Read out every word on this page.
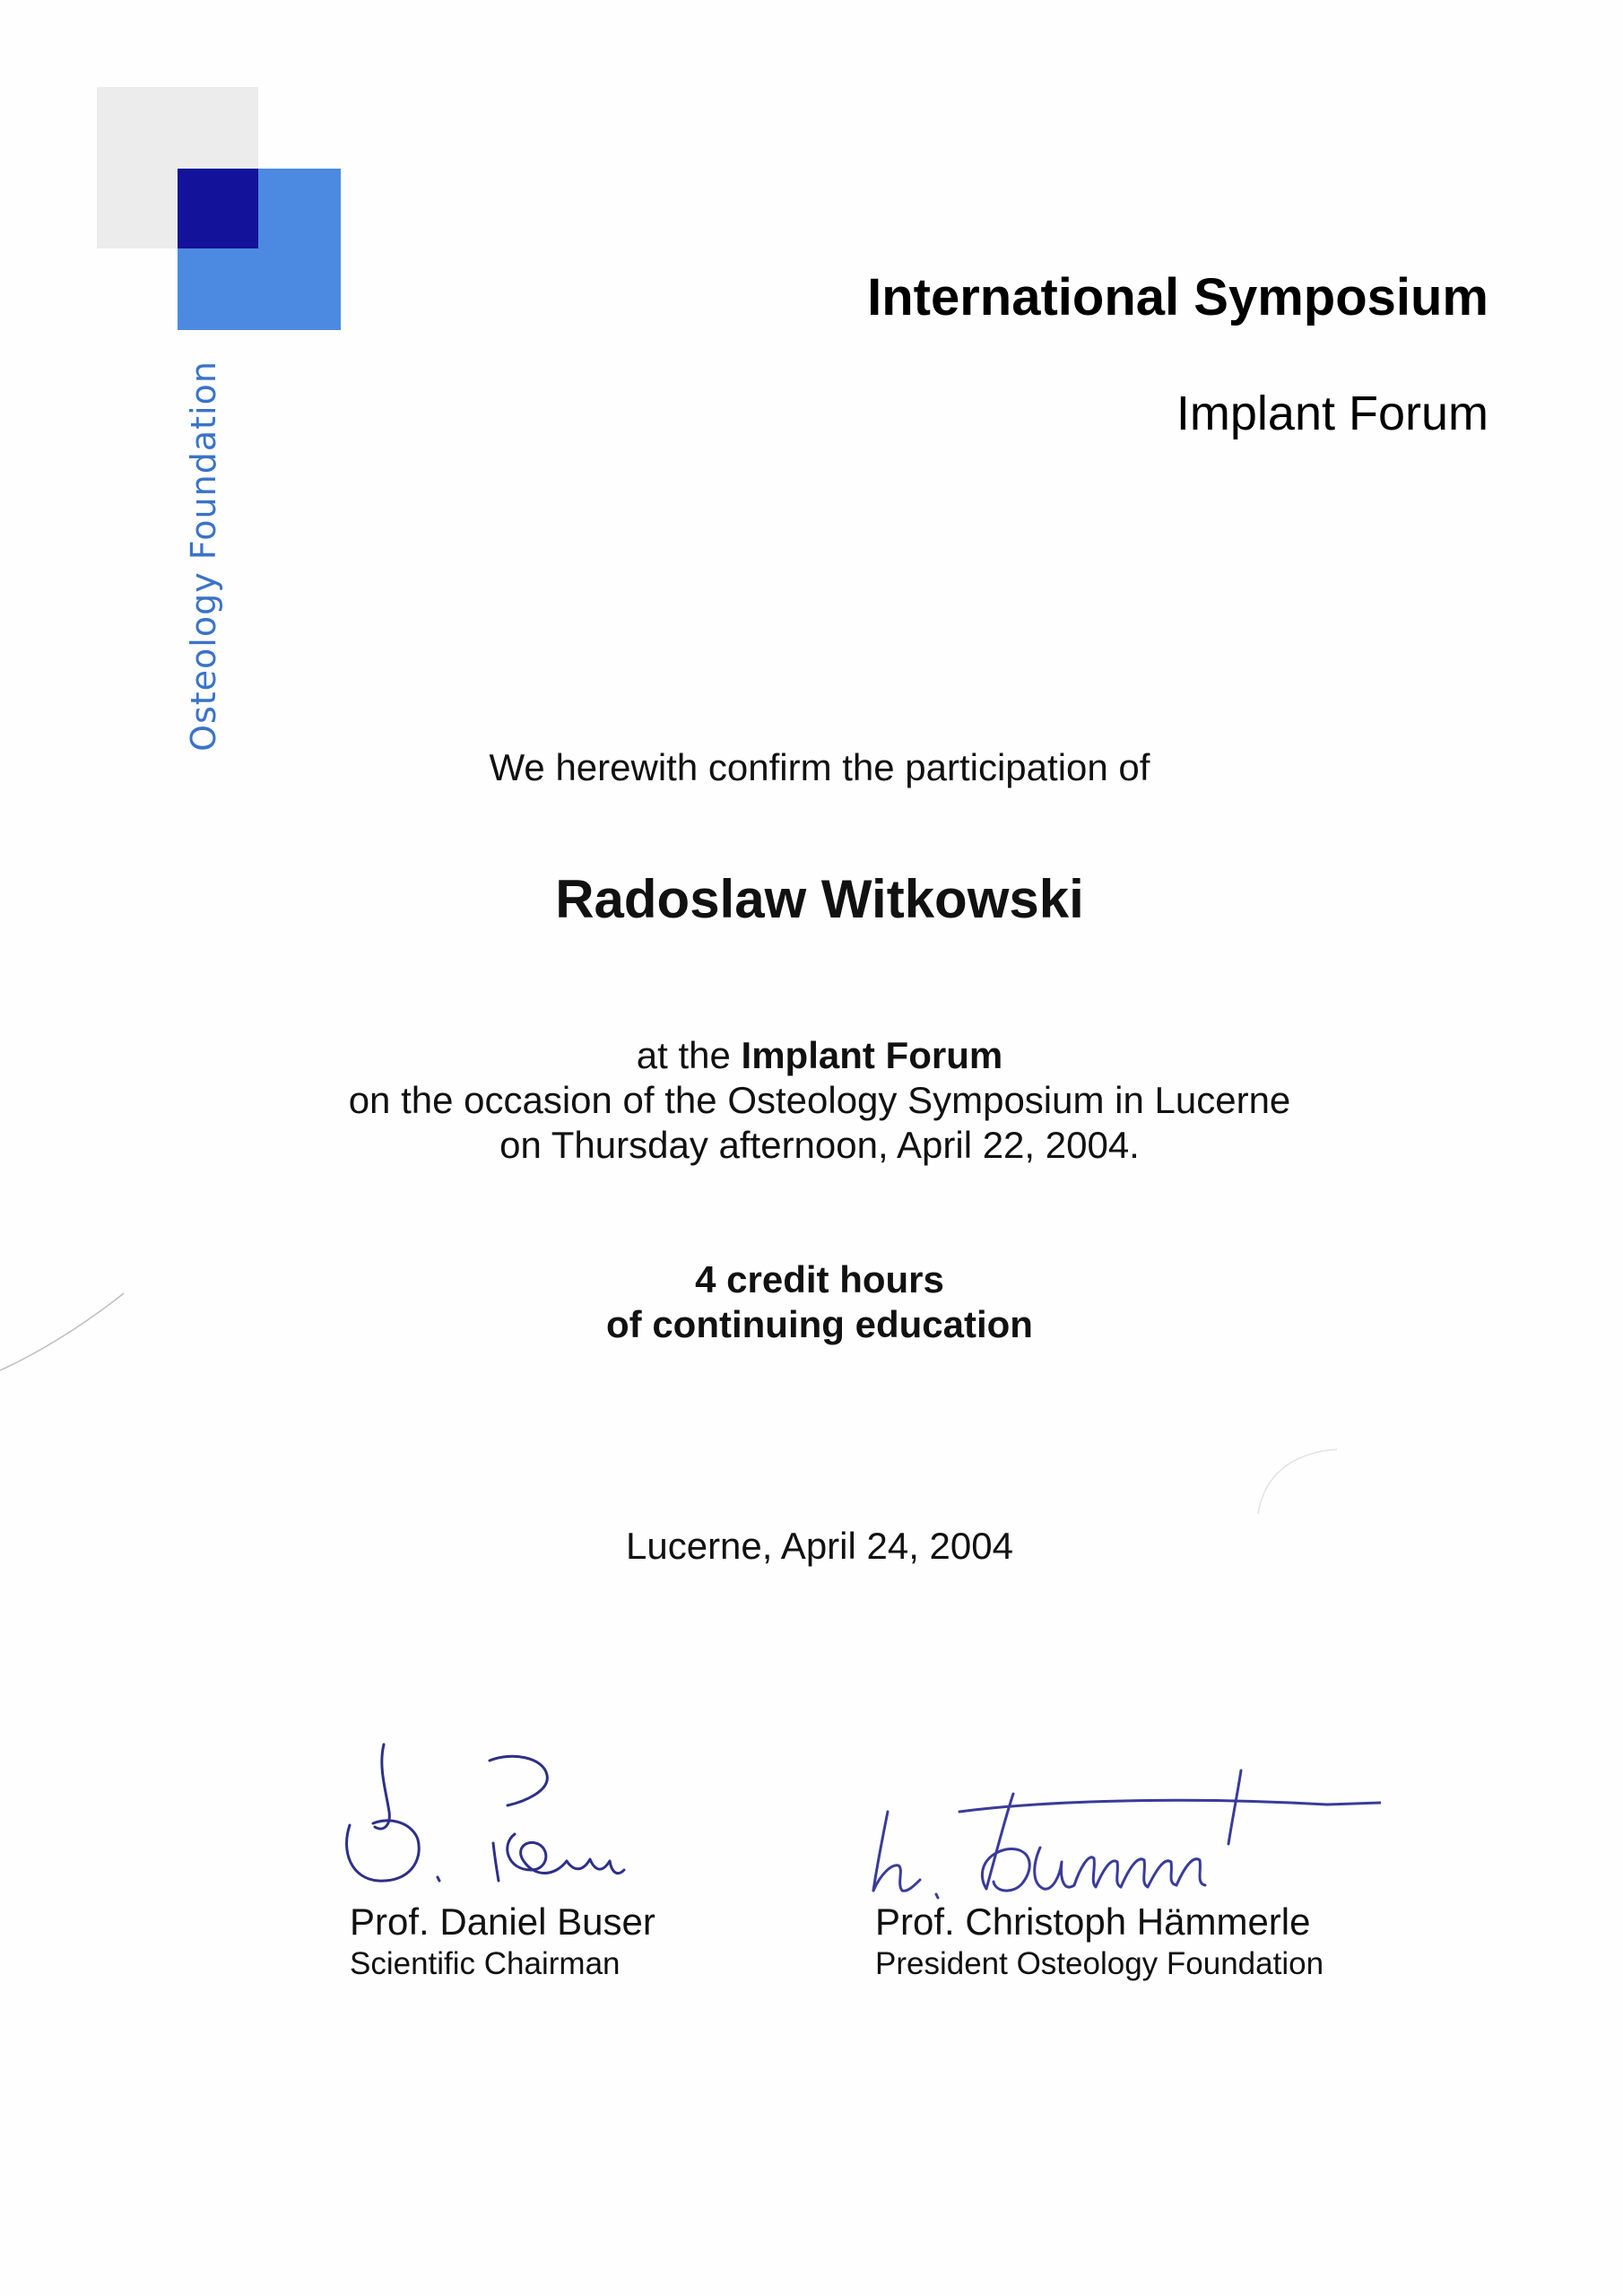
Osteology Foundation
International Symposium
Implant Forum
We herewith confirm the participation of
Radoslaw Witkowski
at the Implant Forum
on the occasion of the Osteology Symposium in Lucerne
on Thursday afternoon, April 22, 2004.
4 credit hours
of continuing education
Lucerne, April 24, 2004
Prof. Daniel Buser
Scientific Chairman
Prof. Christoph Hämmerle
President Osteology Foundation
